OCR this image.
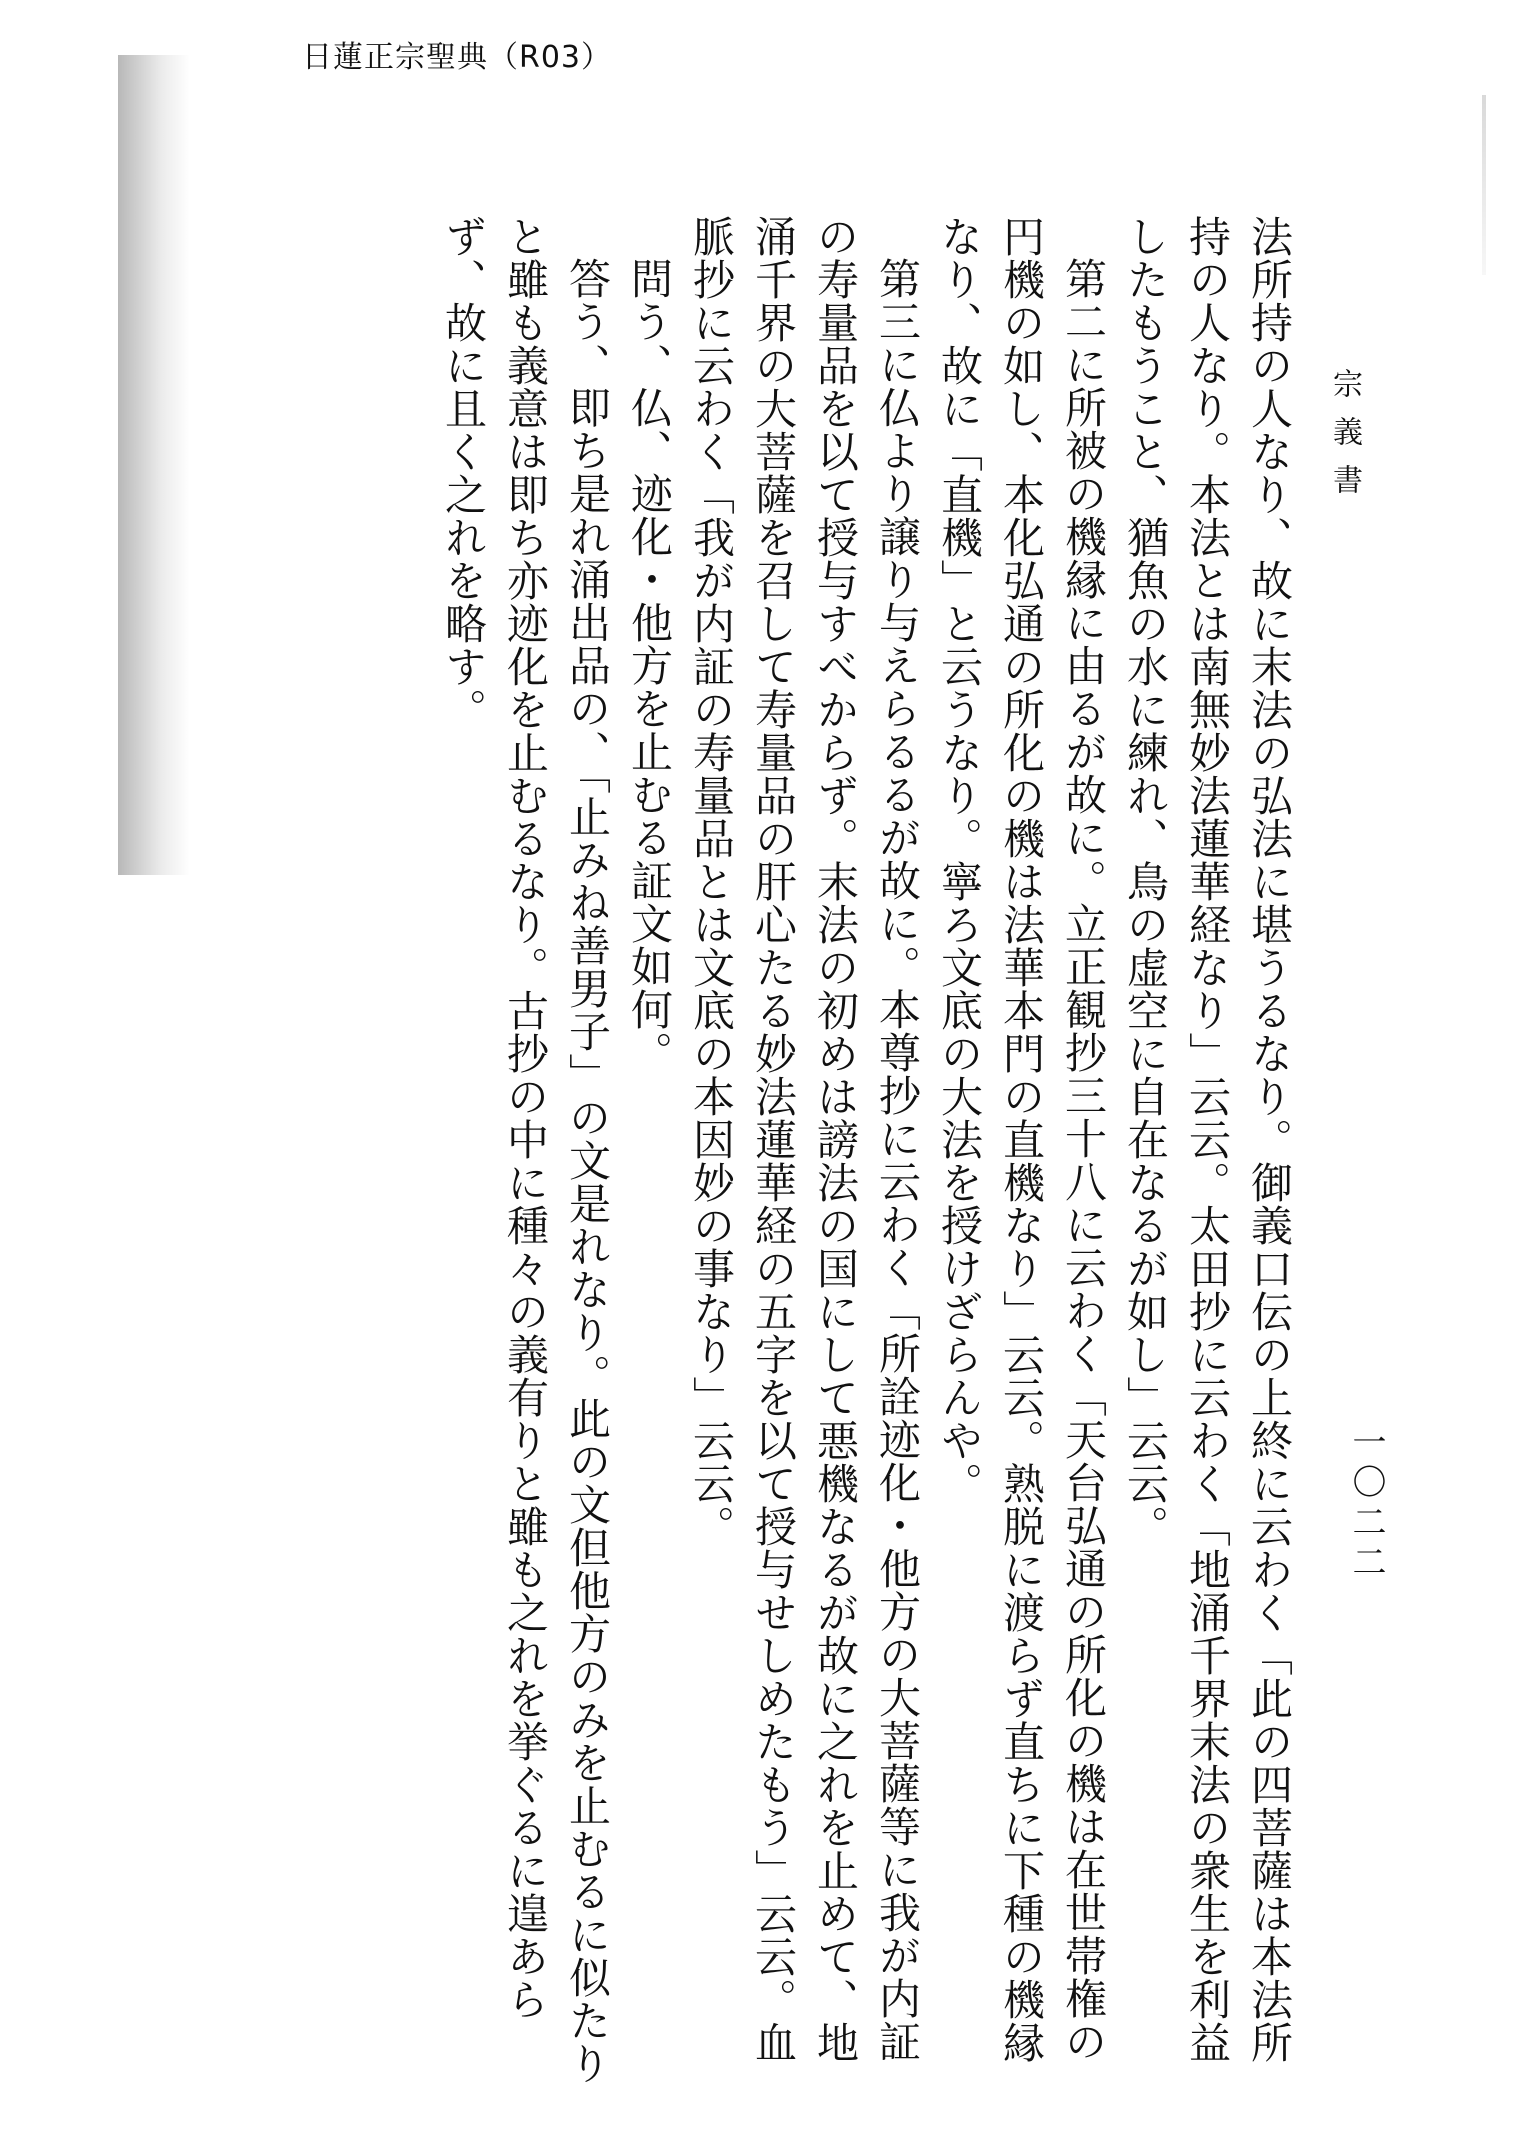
日蓮正宗聖典（R03）
宗義書
一〇二二

法所持の人なり、故に末法の弘法に堪うるなり。御義口伝の上終に云わく「此の四菩薩は本法所持の人なり。本法とは南無妙法蓮華経なり」云云。太田抄に云わく「地涌千界末法の衆生を利益したもうこと、猶魚の水に練れ、鳥の虚空に自在なるが如し」云云。

第二に所被の機縁に由るが故に。立正観抄三十八に云わく「天台弘通の所化の機は在世帯権の円機の如し、本化弘通の所化の機は法華本門の直機なり」云云。熟脱に渡らず直ちに下種の機縁なり、故に「直機」と云うなり。寧ろ文底の大法を授けざらんや。

第三に仏より譲り与えらるるが故に。本尊抄に云わく「所詮迹化・他方の大菩薩等に我が内証の寿量品を以て授与すべからず。末法の初めは謗法の国にして悪機なるが故に之れを止めて、地涌千界の大菩薩を召して寿量品の肝心たる妙法蓮華経の五字を以て授与せしめたもう」云云。血脈抄に云わく「我が内証の寿量品とは文底の本因妙の事なり」云云。

問う、仏、迹化・他方を止むる証文如何。

答う、即ち是れ涌出品の、「止みね善男子」の文是れなり。此の文但他方のみを止むるに似たりと雖も義意は即ち亦迹化を止むるなり。古抄の中に種々の義有りと雖も之れを挙ぐるに遑あらず、故に且く之れを略す。
